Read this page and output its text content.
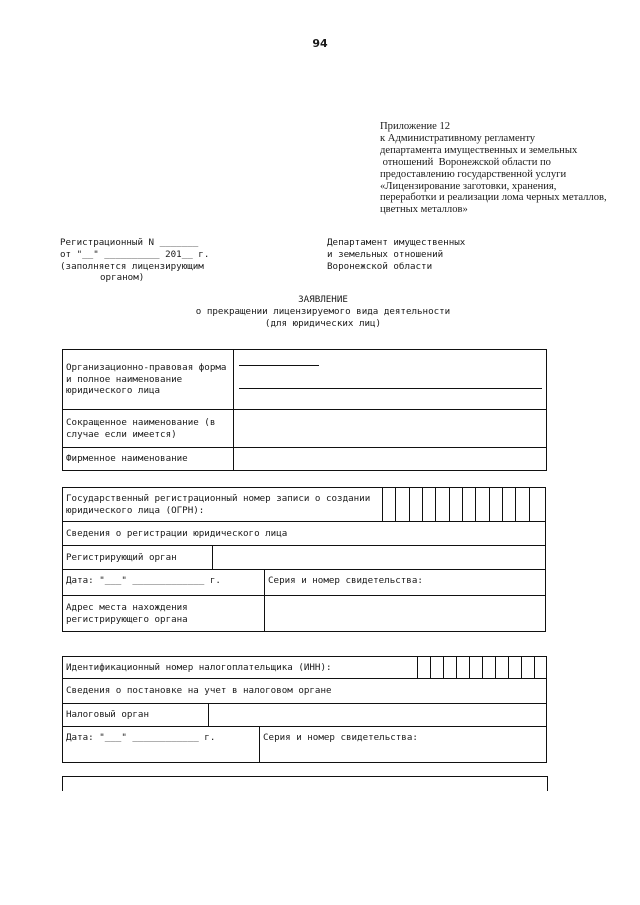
94
Приложение 12
к Административному регламенту
департамента имущественных и земельных
отношений  Воронежской области по
предоставлению государственной услуги
«Лицензирование заготовки, хранения,
переработки и реализации лома черных металлов,
цветных металлов»
Регистрационный N _______
от "__" __________ 201__ г.
(заполняется лицензирующим
органом)
Департамент имущественных
и земельных отношений
Воронежской области
ЗАЯВЛЕНИЕ
о прекращении лицензируемого вида деятельности
(для юридических лиц)
Организационно-правовая форма и полное наименование юридического лица	

Сокращенное наименование (в случае если имеется)	
Фирменное наименование	
Государственный регистрационный номер записи о создании юридического лица (ОГРН):														
Сведения о регистрации юридического лица														
Регистрирующий орган														
Дата: "___" _____________ г.		Серия и номер свидетельства:												
Адрес места нахождения регистрирующего органа														
Идентификационный номер налогоплательщика (ИНН):												
Сведения о постановке на учет в налоговом органе												
Налоговый орган												
Дата: "___" ____________ г.		Серия и номер свидетельства:										
